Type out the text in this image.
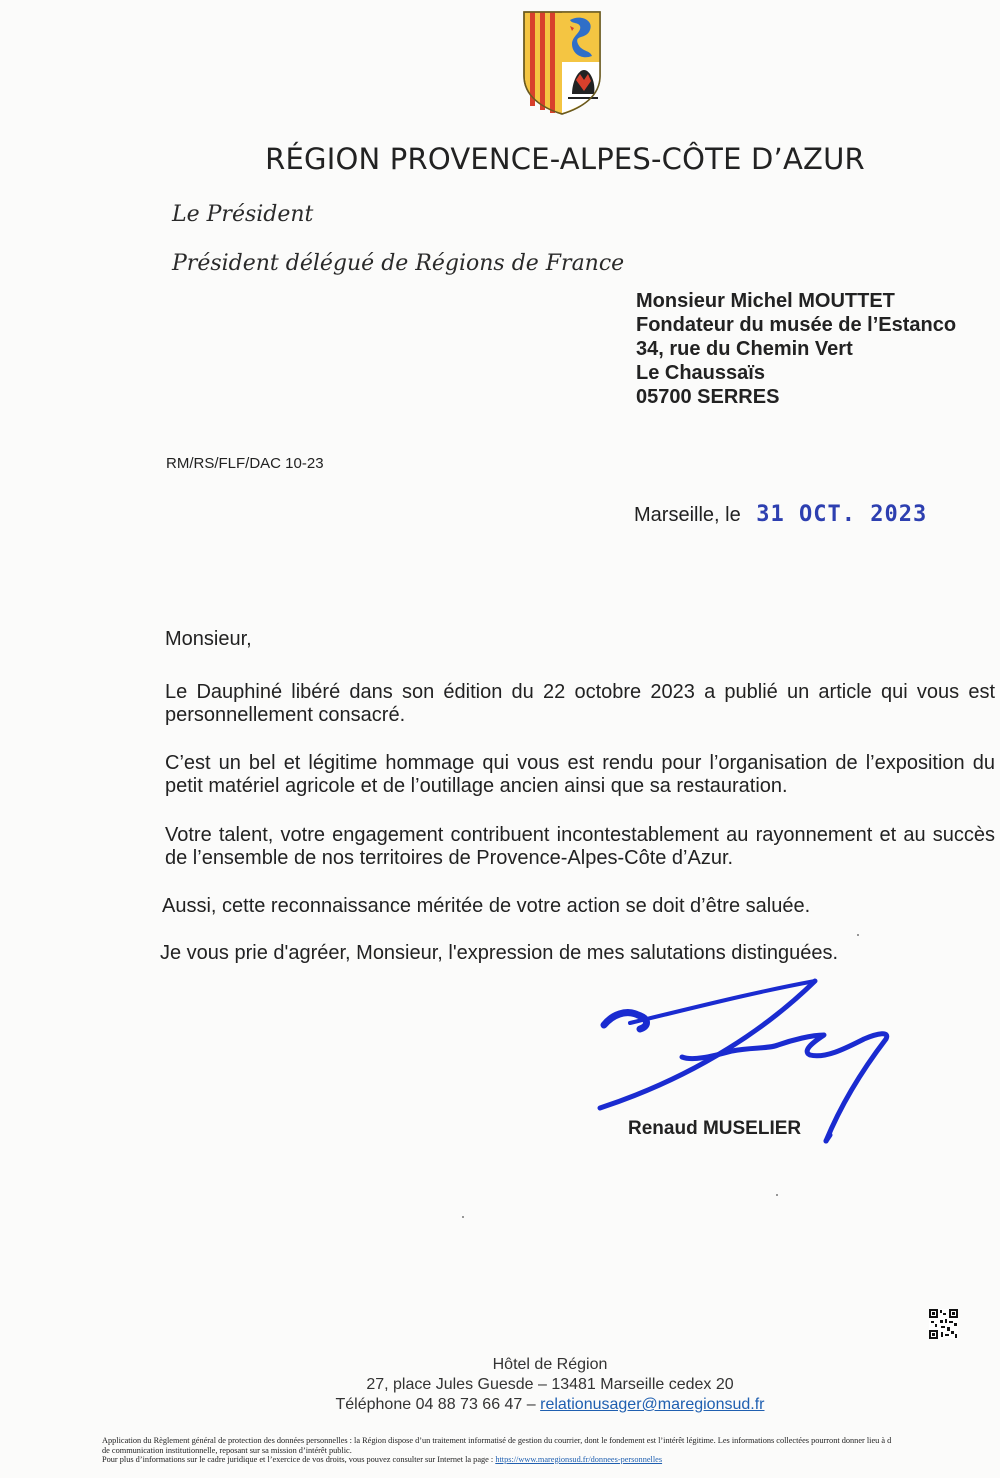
RÉGION PROVENCE-ALPES-CÔTE D’AZUR
Le Président
Président délégué de Régions de France
Monsieur Michel MOUTTET
Fondateur du musée de l’Estanco
34, rue du Chemin Vert
Le Chaussaïs
05700 SERRES
RM/RS/FLF/DAC 10-23
Marseille, le 31 OCT. 2023
Monsieur,
Le Dauphiné libéré dans son édition du 22 octobre 2023 a publié un article qui vous est personnellement consacré.
C’est un bel et légitime hommage qui vous est rendu pour l’organisation de l’exposition du petit matériel agricole et de l’outillage ancien ainsi que sa restauration.
Votre talent, votre engagement contribuent incontestablement au rayonnement et au succès de l’ensemble de nos territoires de Provence-Alpes-Côte d’Azur.
Aussi, cette reconnaissance méritée de votre action se doit d’être saluée.
Je vous prie d'agréer, Monsieur, l'expression de mes salutations distinguées.
Renaud MUSELIER
Hôtel de Région
27, place Jules Guesde – 13481 Marseille cedex 20
Téléphone 04 88 73 66 47 – relationusager@maregionsud.fr
Application du Règlement général de protection des données personnelles : la Région dispose d’un traitement informatisé de gestion du courrier, dont le fondement est l’intérêt légitime. Les informations collectées pourront donner lieu à d
de communication institutionnelle, reposant sur sa mission d’intérêt public.
Pour plus d’informations sur le cadre juridique et l’exercice de vos droits, vous pouvez consulter sur Internet la page : https://www.maregionsud.fr/donnees-personnelles
